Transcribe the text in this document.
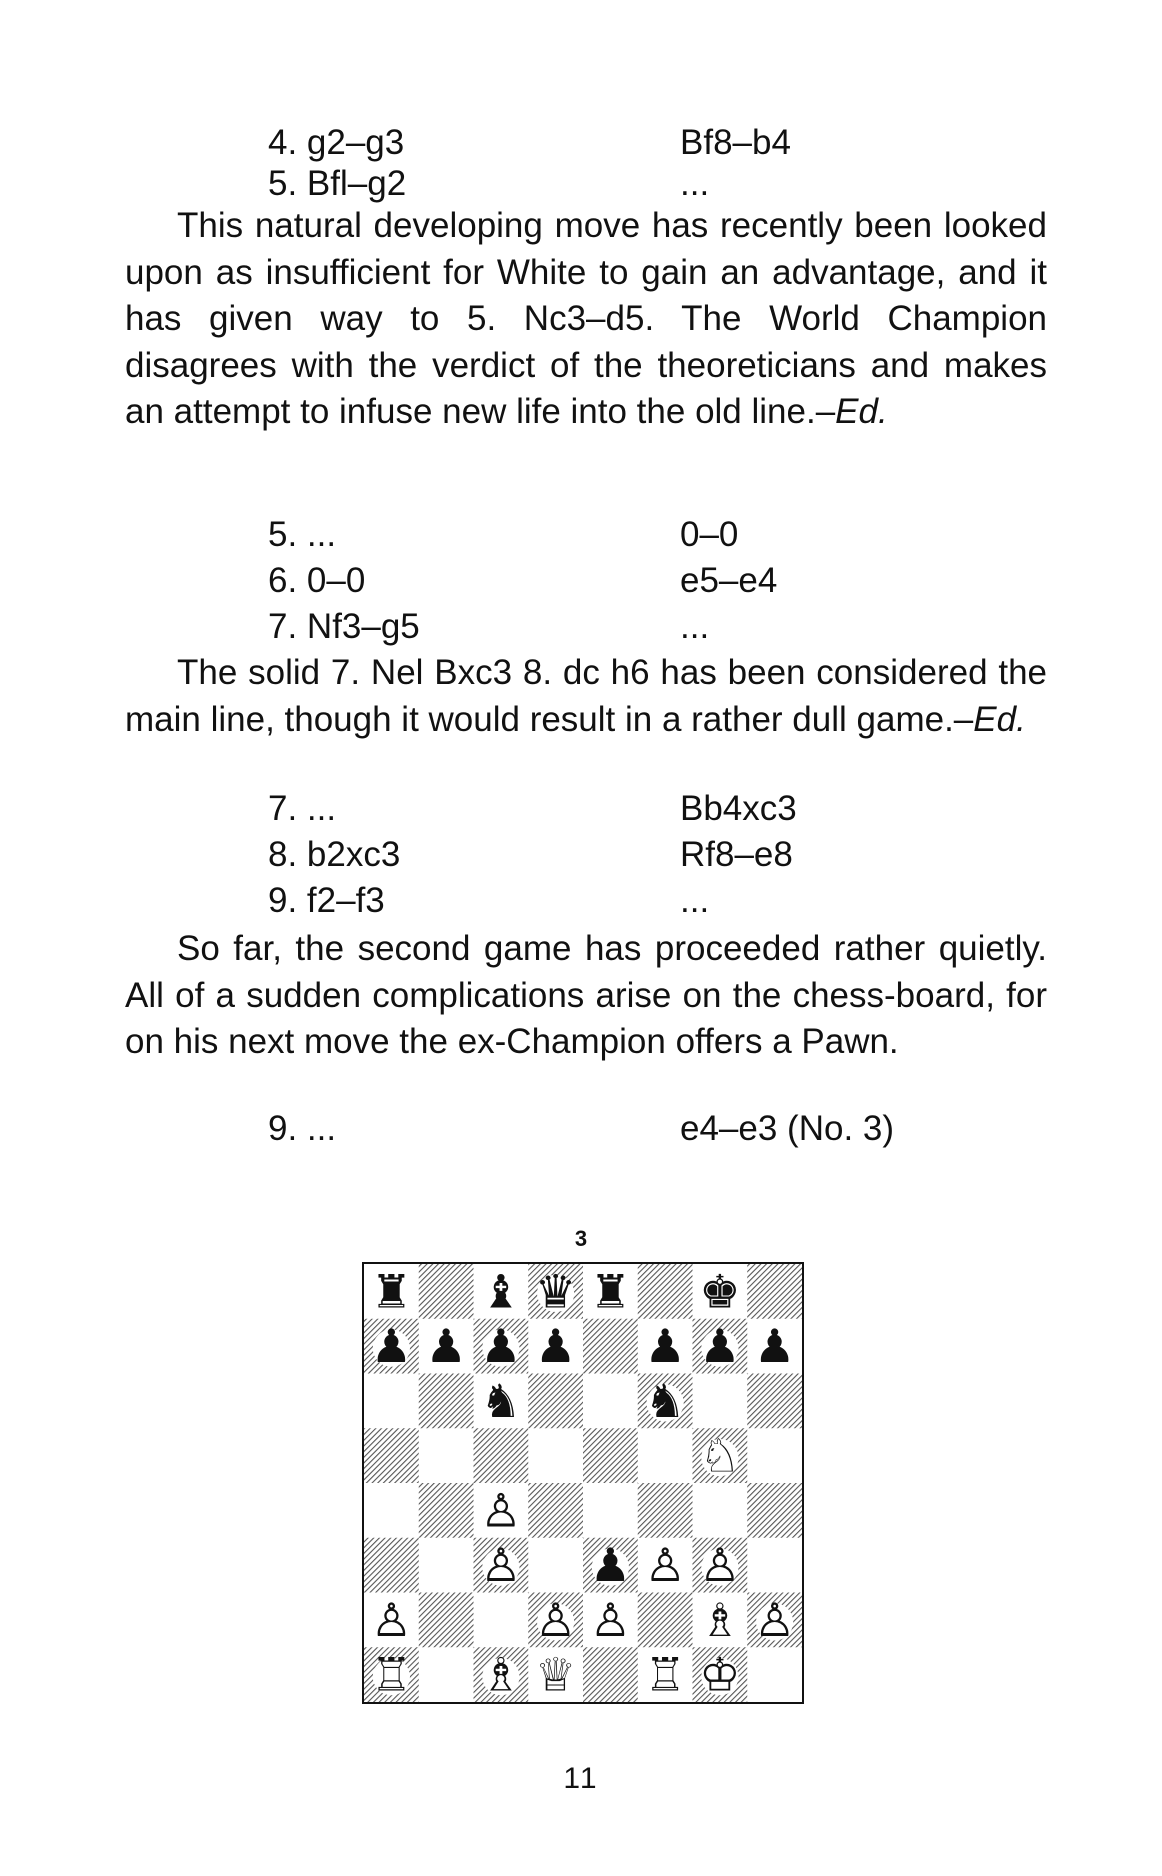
4. g2–g3	Bf8–b4
5. Bfl–g2	...

This natural developing move has recently been looked upon as insufficient for White to gain an advantage, and it has given way to 5. Nc3–d5. The World Champion disagrees with the verdict of the theoreticians and makes an attempt to infuse new life into the old line.–Ed.

5. ...	0–0
6. 0–0	e5–e4
7. Nf3–g5	...

The solid 7. Nel Bxc3 8. dc h6 has been considered the main line, though it would result in a rather dull game.–Ed.

7. ...	Bb4xc3
8. b2xc3	Rf8–e8
9. f2–f3	...

So far, the second game has proceeded rather quietly. All of a sudden complications arise on the chess-board, for on his next move the ex-Champion offers a Pawn.

9. ...	e4–e3 (No. 3)
3
♜ ♝ ♛ ♜ ♚
♟ ♟ ♟ ♟ ♟ ♟ ♟
♞	♞
♘
♙
♙ ♟ ♙ ♙
♙	♙ ♙ ♗ ♙
♖ ♗ ♕ ♖ ♔
11
